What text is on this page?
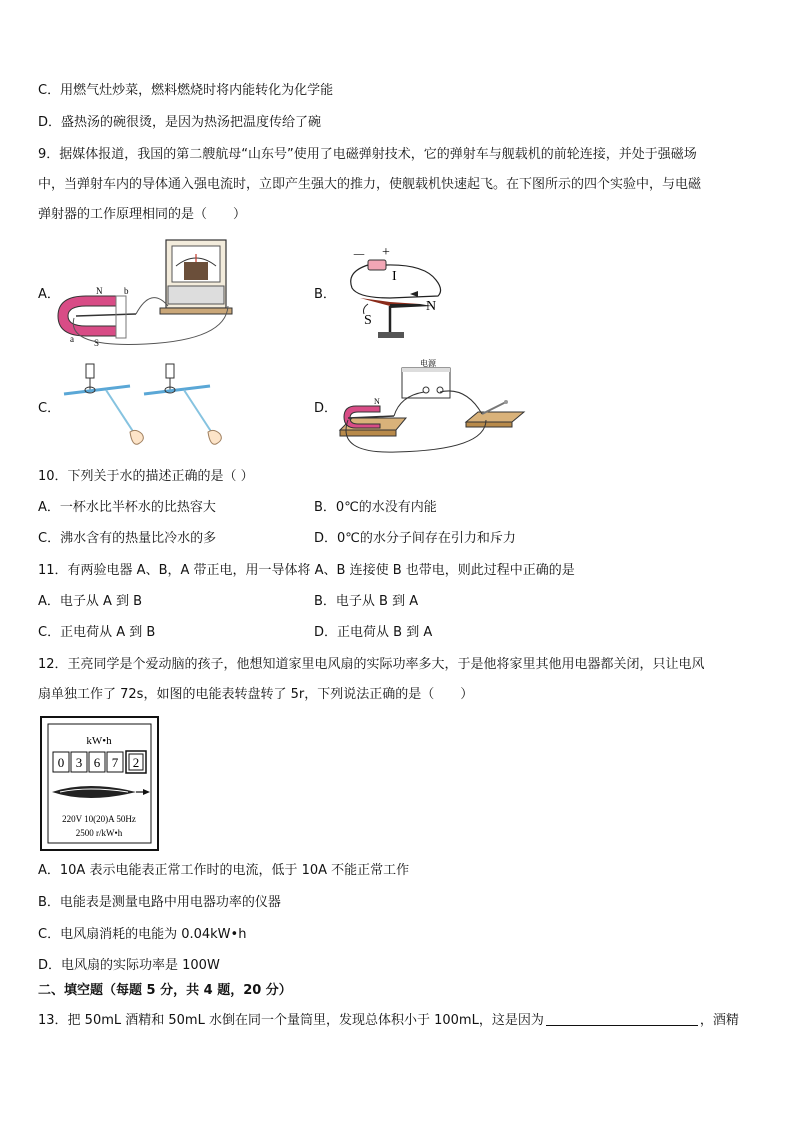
C．用燃气灶炒菜，燃料燃烧时将内能转化为化学能
D．盛热汤的碗很烫，是因为热汤把温度传给了碗
9．据媒体报道，我国的第二艘航母“山东号”使用了电磁弹射技术，它的弹射车与舰载机的前轮连接，并处于强磁场
中，当弹射车内的导体通入强电流时，立即产生强大的推力，使舰载机快速起飞。在下图所示的四个实验中，与电磁
弹射器的工作原理相同的是（　　）
A．	N
S
a
b	B．
－ +
I
N
S
C．	D．
电源
N
10．下列关于水的描述正确的是（ ）
A．一杯水比半杯水的比热容大	B．0℃的水没有内能
C．沸水含有的热量比冷水的多	D．0℃的水分子间存在引力和斥力
11．有两验电器 A、B，A 带正电，用一导体将 A、B 连接使 B 也带电，则此过程中正确的是
A．电子从 A 到 B	B．电子从 B 到 A
C．正电荷从 A 到 B	D．正电荷从 B 到 A
12．王亮同学是个爱动脑的孩子，他想知道家里电风扇的实际功率多大，于是他将家里其他用电器都关闭，只让电风
扇单独工作了 72s，如图的电能表转盘转了 5r，下列说法正确的是（　　）
kW•h
0 3 6 7 2
220V 10(20)A 50Hz
2500 r/kW•h
A．10A 表示电能表正常工作时的电流，低于 10A 不能正常工作
B．电能表是测量电路中用电器功率的仪器
C．电风扇消耗的电能为 0.04kW•h
D．电风扇的实际功率是 100W
二、填空题（每题 5 分，共 4 题，20 分）
13．把 50mL 酒精和 50mL 水倒在同一个量筒里，发现总体积小于 100mL，这是因为	，酒精
